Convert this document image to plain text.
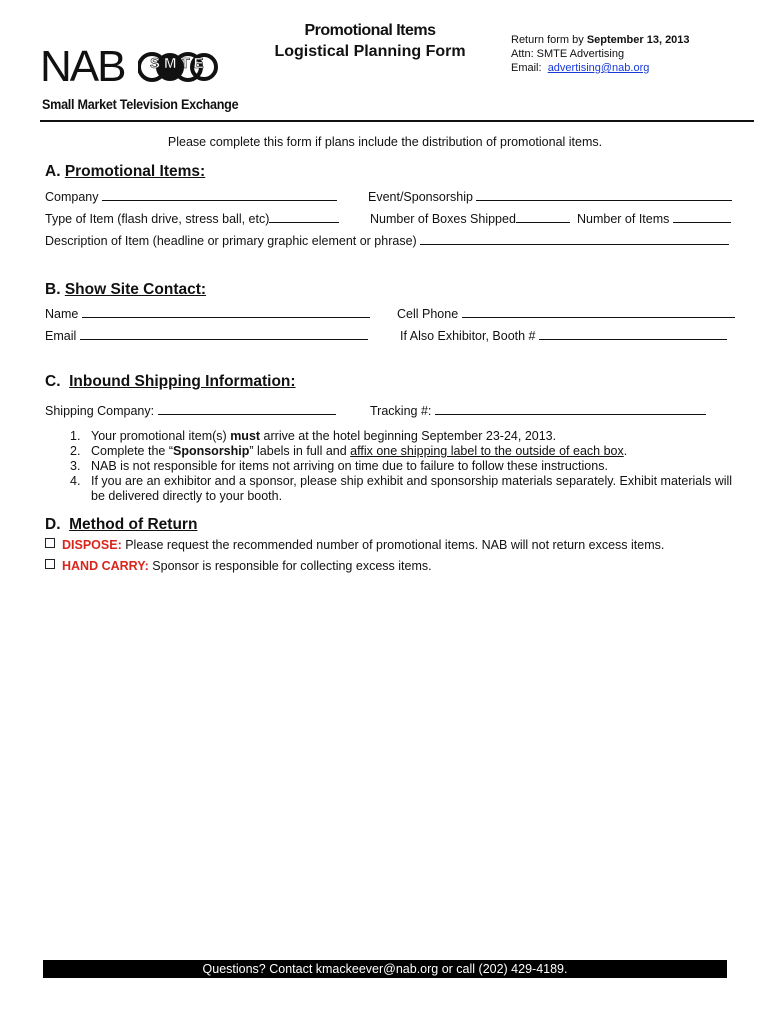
NAB SMTE
Small Market Television Exchange
Promotional Items
Logistical Planning Form
Return form by September 13, 2013
Attn: SMTE Advertising
Email: advertising@nab.org
Please complete this form if plans include the distribution of promotional items.
A. Promotional Items:
Company	Event/Sponsorship
Type of Item (flash drive, stress ball, etc)	Number of Boxes Shipped	Number of Items
Description of Item (headline or primary graphic element or phrase)
B. Show Site Contact:
Name	Cell Phone
Email	If Also Exhibitor, Booth #
C. Inbound Shipping Information:
Shipping Company:	Tracking #:
1. Your promotional item(s) must arrive at the hotel beginning September 23-24, 2013.
2. Complete the “Sponsorship” labels in full and affix one shipping label to the outside of each box.
3. NAB is not responsible for items not arriving on time due to failure to follow these instructions.
4. If you are an exhibitor and a sponsor, please ship exhibit and sponsorship materials separately. Exhibit materials will be delivered directly to your booth.
D. Method of Return
DISPOSE: Please request the recommended number of promotional items. NAB will not return excess items.
HAND CARRY: Sponsor is responsible for collecting excess items.
Questions? Contact kmackeever@nab.org or call (202) 429-4189.
